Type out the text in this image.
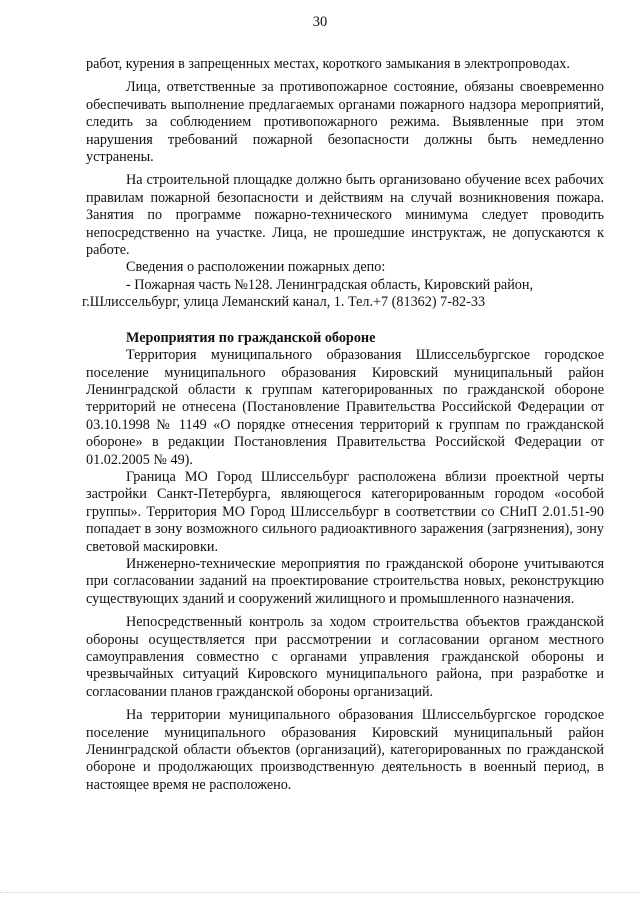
30

работ, курения в запрещенных местах, короткого замыкания в электропроводах.

Лица, ответственные за противопожарное состояние, обязаны своевременно обеспечивать выполнение предлагаемых органами пожарного надзора мероприятий, следить за соблюдением противопожарного режима. Выявленные при этом нарушения требований пожарной безопасности должны быть немедленно устранены.

На строительной площадке должно быть организовано обучение всех рабочих правилам пожарной безопасности и действиям на случай возникновения пожара. Занятия по программе пожарно-технического минимума следует проводить непосредственно на участке. Лица, не прошедшие инструктаж, не допускаются к работе.

Сведения о расположении пожарных депо:

- Пожарная часть №128. Ленинградская область, Кировский район,

г.Шлиссельбург, улица Леманский канал, 1. Тел.+7 (81362) 7-82-33

Мероприятия по гражданской обороне

Территория муниципального образования Шлиссельбургское городское поселение муниципального образования Кировский муниципальный район Ленинградской области к группам категорированных по гражданской обороне территорий не отнесена (Постановление Правительства Российской Федерации от 03.10.1998 № 1149 «О порядке отнесения территорий к группам по гражданской обороне» в редакции Постановления Правительства Российской Федерации от 01.02.2005 № 49).

Граница МО Город Шлиссельбург расположена вблизи проектной черты застройки Санкт-Петербурга, являющегося категорированным городом «особой группы». Территория МО Город Шлиссельбург в соответствии со СНиП 2.01.51-90 попадает в зону возможного сильного радиоактивного заражения (загрязнения), зону световой маскировки.

Инженерно-технические мероприятия по гражданской обороне учитываются при согласовании заданий на проектирование строительства новых, реконструкцию существующих зданий и сооружений жилищного и промышленного назначения.

Непосредственный контроль за ходом строительства объектов гражданской обороны осуществляется при рассмотрении и согласовании органом местного самоуправления совместно с органами управления гражданской обороны и чрезвычайных ситуаций Кировского муниципального района, при разработке и согласовании планов гражданской обороны организаций.

На территории муниципального образования Шлиссельбургское городское поселение муниципального образования Кировский муниципальный район Ленинградской области объектов (организаций), категорированных по гражданской обороне и продолжающих производственную деятельность в военный период, в настоящее время не расположено.
